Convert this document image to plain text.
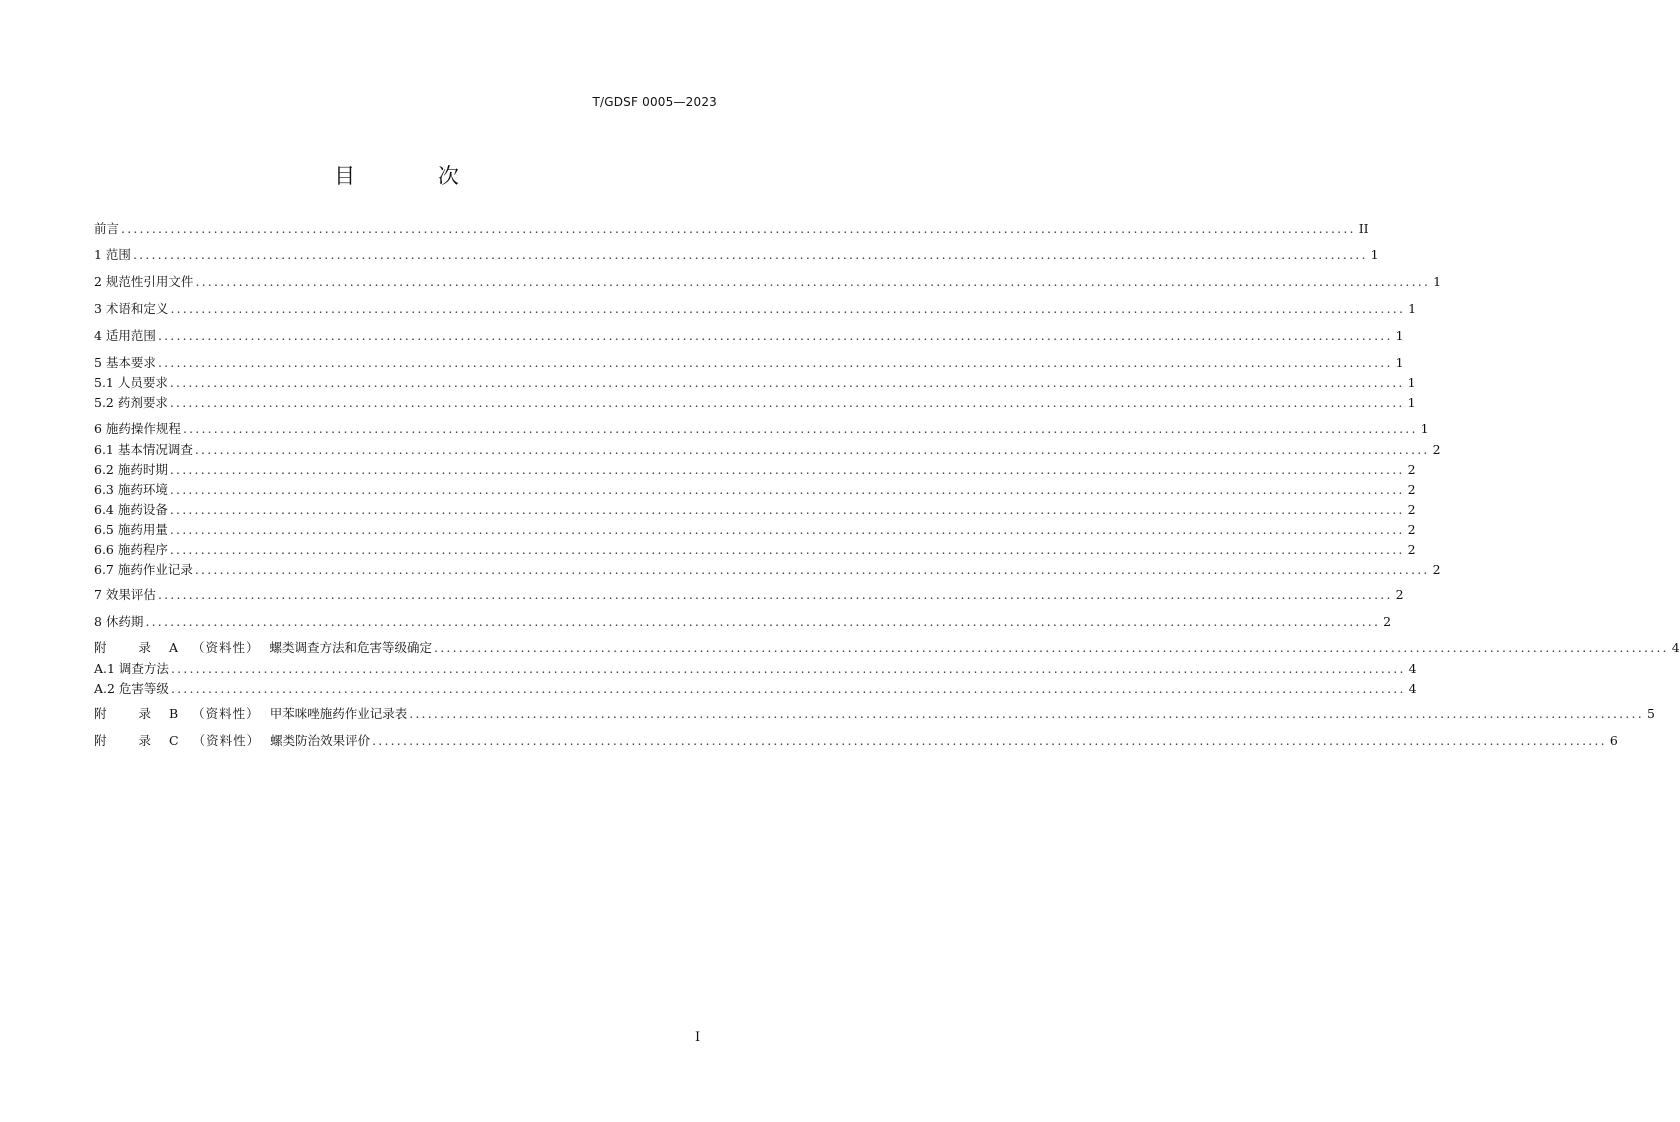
T/GDSF 0005—2023
目 次
前言 ........................................................................................................................................................................................................ II
1 范围 ........................................................................................................................................................................................................ 1
2 规范性引用文件 ........................................................................................................................................................................................................ 1
3 术语和定义 ........................................................................................................................................................................................................ 1
4 适用范围 ........................................................................................................................................................................................................ 1
5 基本要求 ........................................................................................................................................................................................................ 1
5.1 人员要求 ........................................................................................................................................................................................................ 1
5.2 药剂要求 ........................................................................................................................................................................................................ 1
6 施药操作规程 ........................................................................................................................................................................................................ 1
6.1 基本情况调查 ........................................................................................................................................................................................................ 2
6.2 施药时期 ........................................................................................................................................................................................................ 2
6.3 施药环境 ........................................................................................................................................................................................................ 2
6.4 施药设备 ........................................................................................................................................................................................................ 2
6.5 施药用量 ........................................................................................................................................................................................................ 2
6.6 施药程序 ........................................................................................................................................................................................................ 2
6.7 施药作业记录 ........................................................................................................................................................................................................ 2
7 效果评估 ........................................................................................................................................................................................................ 2
8 休药期 ........................................................................................................................................................................................................ 2
附 录 A （资料性） 螺类调查方法和危害等级确定 ........................................................................................................................................................................................................ 4
A.1 调查方法 ........................................................................................................................................................................................................ 4
A.2 危害等级 ........................................................................................................................................................................................................ 4
附 录 B （资料性） 甲苯咪唑施药作业记录表 ........................................................................................................................................................................................................ 5
附 录 C （资料性） 螺类防治效果评价 ........................................................................................................................................................................................................ 6
I
